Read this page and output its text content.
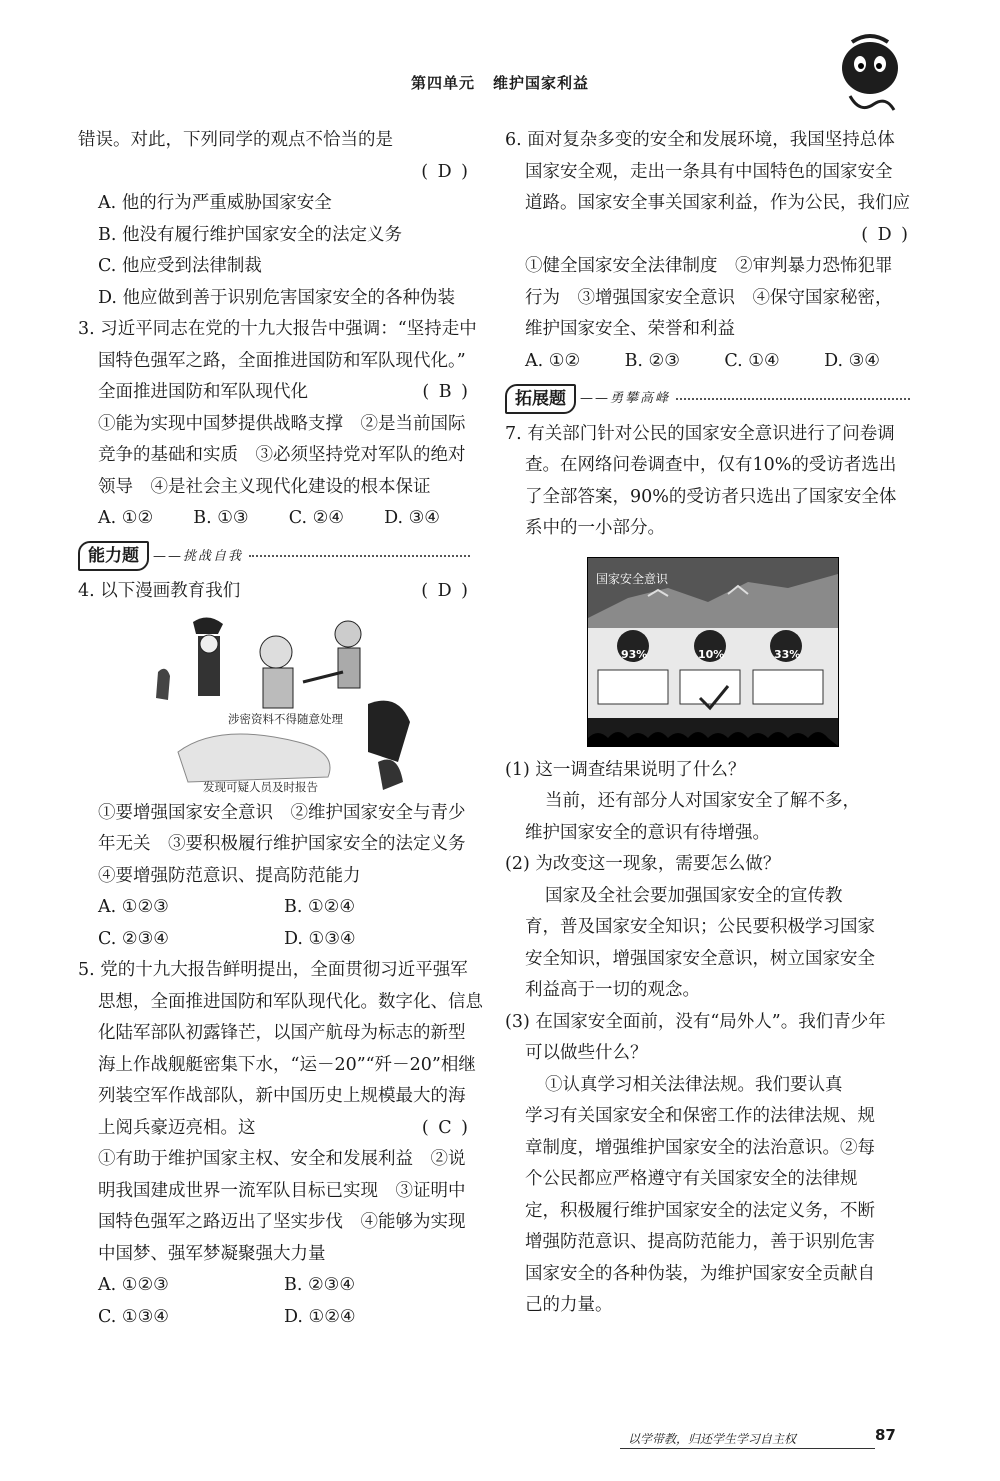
第四单元 维护国家利益
错误。对此，下列同学的观点不恰当的是
( D )
A. 他的行为严重威胁国家安全
B. 他没有履行维护国家安全的法定义务
C. 他应受到法律制裁
D. 他应做到善于识别危害国家安全的各种伪装
3. 习近平同志在党的十九大报告中强调：“坚持走中
国特色强军之路，全面推进国防和军队现代化。”
全面推进国防和军队现代化	( B )
①能为实现中国梦提供战略支撑　②是当前国际
竞争的基础和实质　③必须坚持党对军队的绝对
领导　④是社会主义现代化建设的根本保证
A. ①② B. ①③ C. ②④ D. ③④
能力题	——挑战自我
4. 以下漫画教育我们	( D )
涉密资料不得随意处理
发现可疑人员及时报告
①要增强国家安全意识　②维护国家安全与青少
年无关　③要积极履行维护国家安全的法定义务
④要增强防范意识、提高防范能力
A. ①②③	B. ①②④
C. ②③④	D. ①③④
5. 党的十九大报告鲜明提出，全面贯彻习近平强军
思想，全面推进国防和军队现代化。数字化、信息
化陆军部队初露锋芒，以国产航母为标志的新型
海上作战舰艇密集下水，“运－20”“歼－20”相继
列装空军作战部队，新中国历史上规模最大的海
上阅兵豪迈亮相。这	( C )
①有助于维护国家主权、安全和发展利益　②说
明我国建成世界一流军队目标已实现　③证明中
国特色强军之路迈出了坚实步伐　④能够为实现
中国梦、强军梦凝聚强大力量
A. ①②③	B. ②③④
C. ①③④	D. ①②④
6. 面对复杂多变的安全和发展环境，我国坚持总体
国家安全观，走出一条具有中国特色的国家安全
道路。国家安全事关国家利益，作为公民，我们应
( D )
①健全国家安全法律制度　②审判暴力恐怖犯罪
行为　③增强国家安全意识　④保守国家秘密，
维护国家安全、荣誉和利益
A. ①②	B. ②③	C. ①④	D. ③④
拓展题	——勇攀高峰
7. 有关部门针对公民的国家安全意识进行了问卷调
查。在网络问卷调查中，仅有10%的受访者选出
了全部答案，90%的受访者只选出了国家安全体
系中的一小部分。
国家安全意识
93%	10%	33%
(1) 这一调查结果说明了什么？
当前，还有部分人对国家安全了解不多，
维护国家安全的意识有待增强。
(2) 为改变这一现象，需要怎么做？
国家及全社会要加强国家安全的宣传教
育，普及国家安全知识；公民要积极学习国家
安全知识，增强国家安全意识，树立国家安全
利益高于一切的观念。
(3) 在国家安全面前，没有“局外人”。我们青少年
可以做些什么？
①认真学习相关法律法规。我们要认真
学习有关国家安全和保密工作的法律法规、规
章制度，增强维护国家安全的法治意识。②每
个公民都应严格遵守有关国家安全的法律规
定，积极履行维护国家安全的法定义务，不断
增强防范意识、提高防范能力，善于识别危害
国家安全的各种伪装，为维护国家安全贡献自
己的力量。
以学带教，归还学生学习自主权	87
